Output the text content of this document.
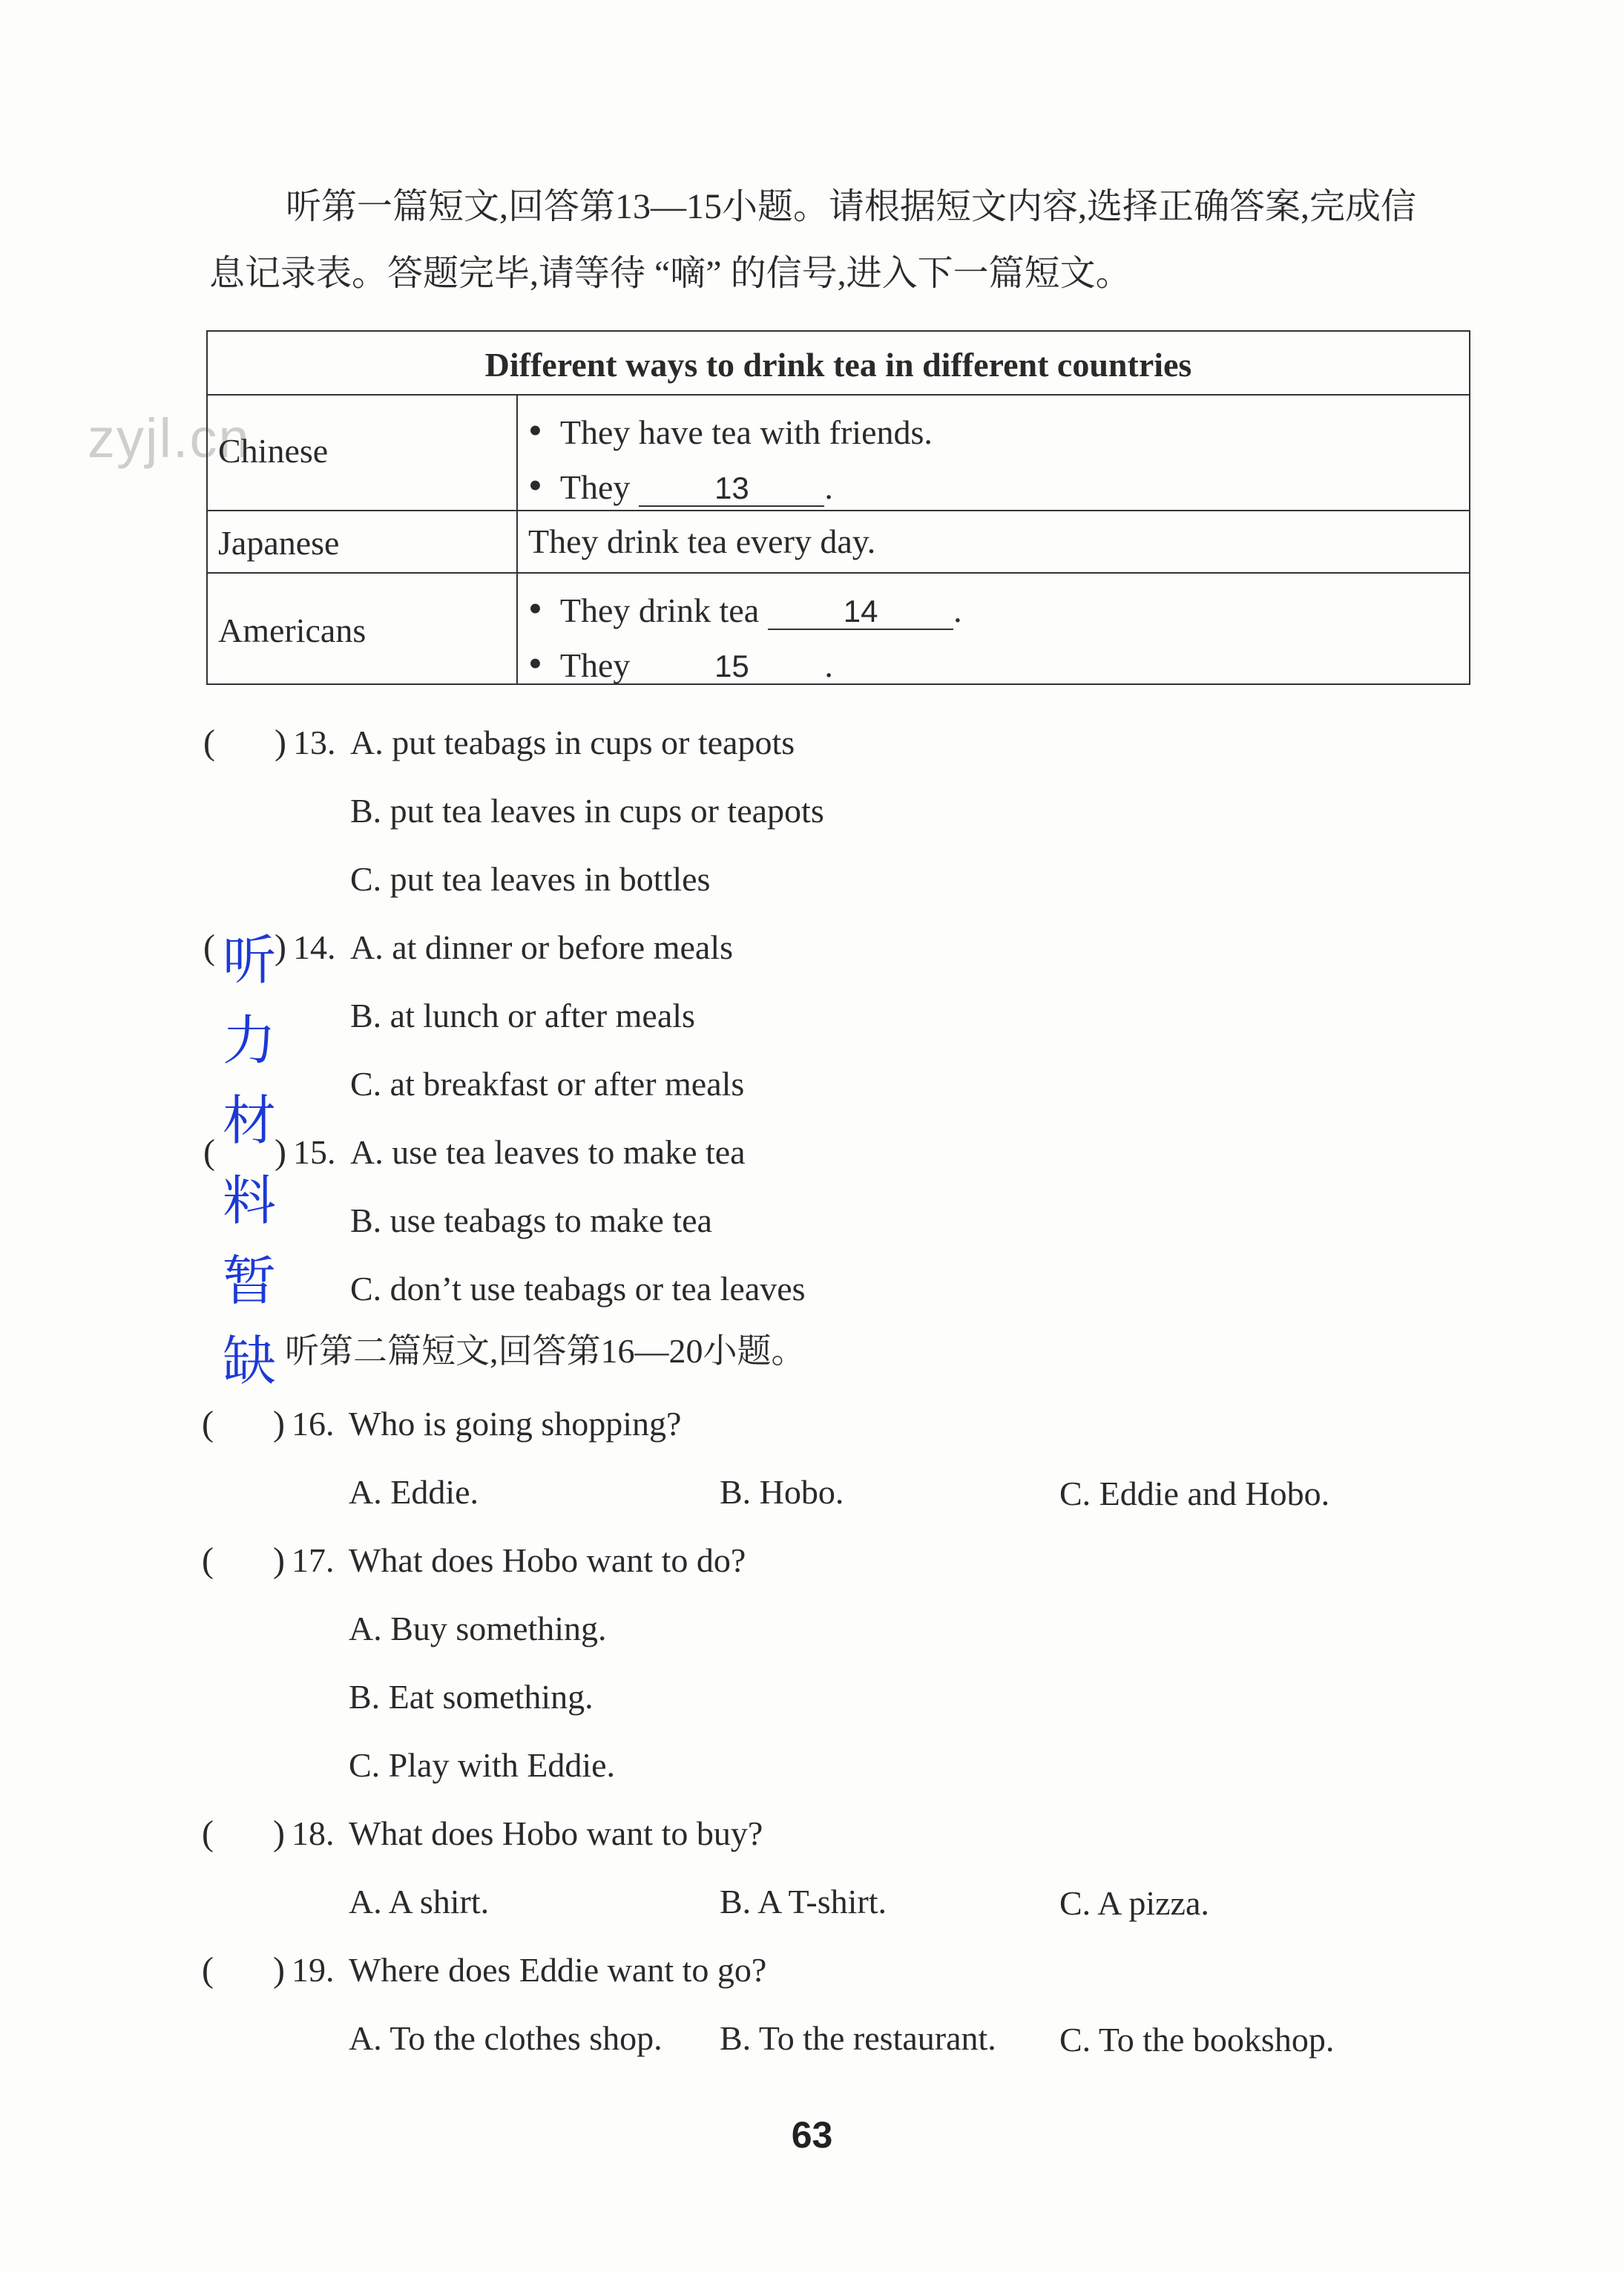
zyjl.cn
听第一篇短文,回答第13—15小题。请根据短文内容,选择正确答案,完成信
息记录表。答题完毕,请等待 “嘀” 的信号,进入下一篇短文。
Different ways to drink tea in different countries
Chinese
•	They have tea with friends.
• They	13 .
Japanese	They drink tea every day.
Americans
• They drink tea	14 .
• They	15 .
( ) 13. A. put teabags in cups or teapots
B. put tea leaves in cups or teapots
C. put tea leaves in bottles
( ) 14. A. at dinner or before meals
B. at lunch or after meals
C. at breakfast or after meals
( ) 15. A. use tea leaves to make tea
B. use teabags to make tea
C. don’t use teabags or tea leaves
听
力
材
料
暂
缺 听第二篇短文,回答第16—20小题。
( ) 16. Who is going shopping?
A. Eddie.	B. Hobo.	C. Eddie and Hobo.
( ) 17. What does Hobo want to do?
A. Buy something.
B. Eat something.
C. Play with Eddie.
( ) 18. What does Hobo want to buy?
A. A shirt.	B. A T-shirt.	C. A pizza.
( ) 19. Where does Eddie want to go?
A. To the clothes shop. B. To the restaurant. C. To the bookshop.
63
